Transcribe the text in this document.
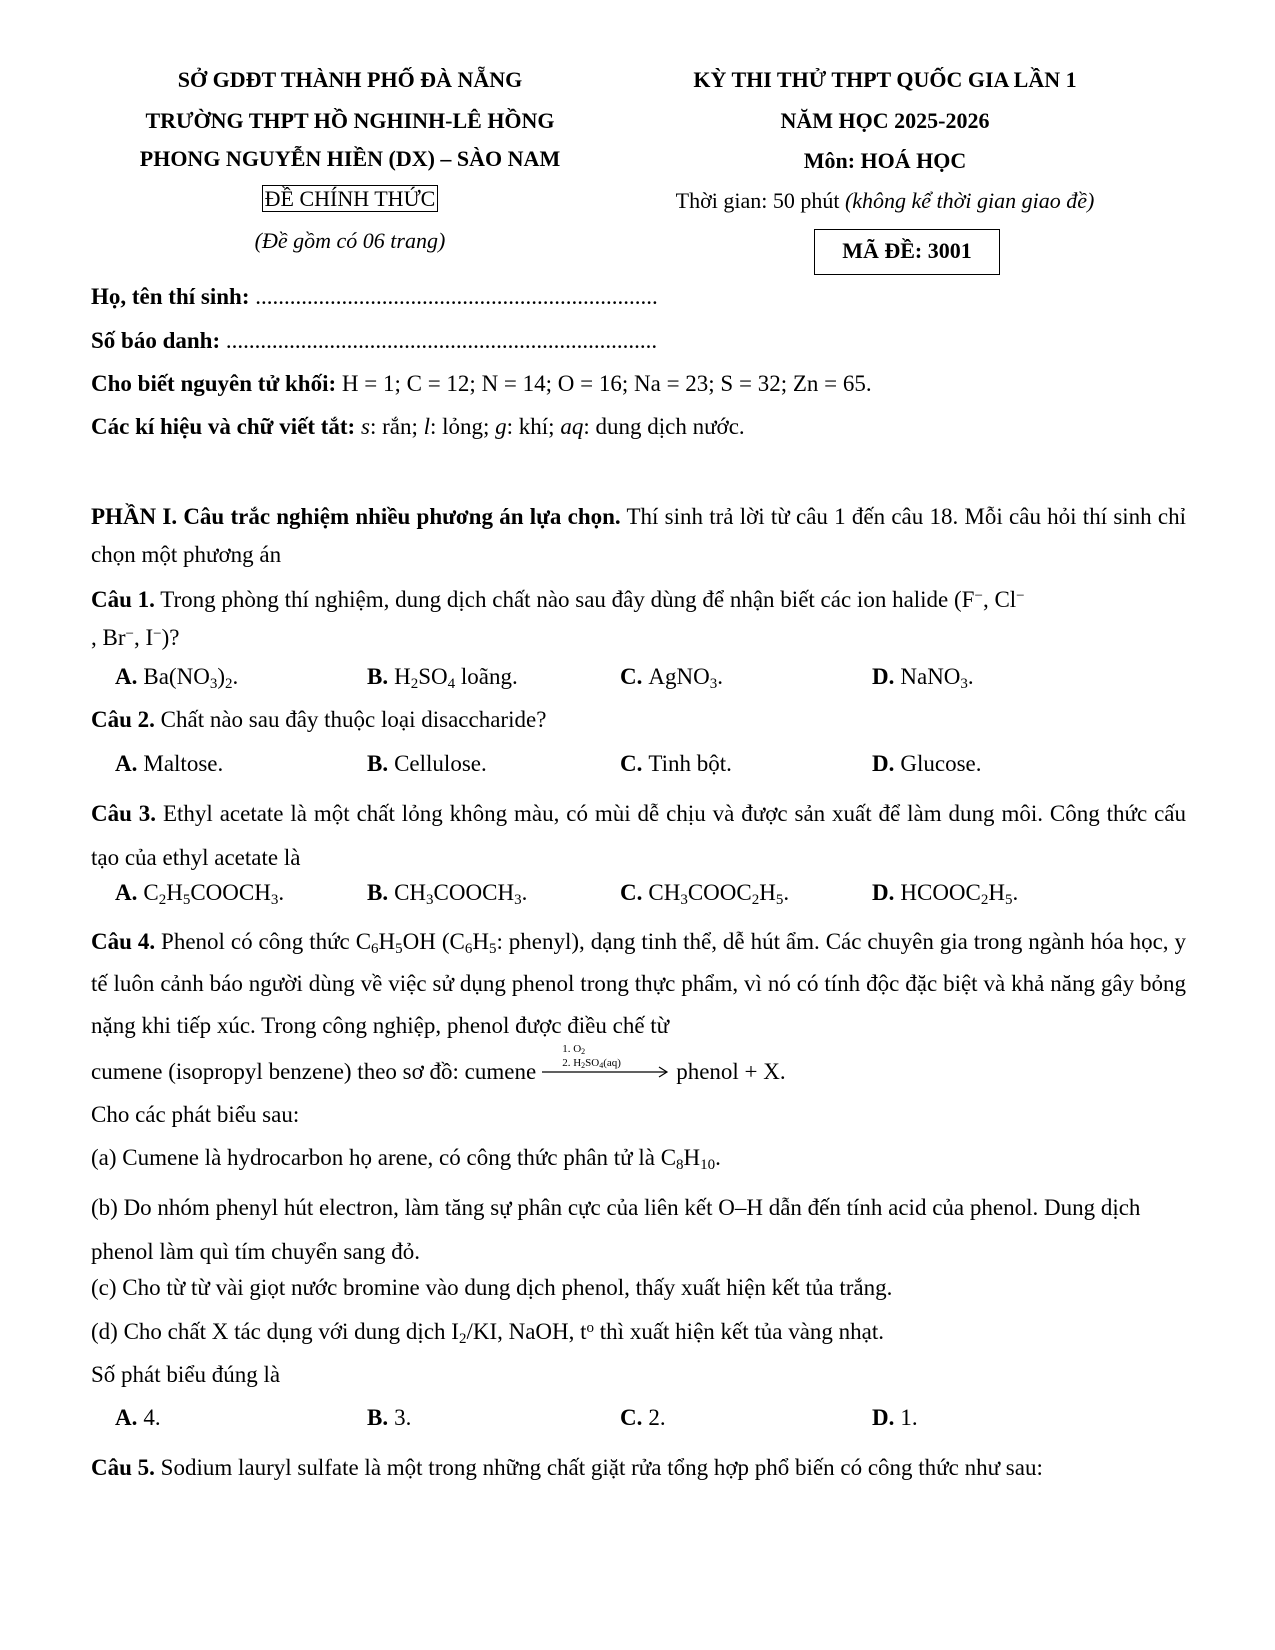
SỞ GDĐT THÀNH PHỐ ĐÀ NẴNG
TRƯỜNG THPT HỒ NGHINH-LÊ HỒNG
PHONG NGUYỄN HIỀN (DX) – SÀO NAM
ĐỀ CHÍNH THỨC
(Đề gồm có 06 trang)
KỲ THI THỬ THPT QUỐC GIA LẦN 1
NĂM HỌC 2025-2026
Môn: HOÁ HỌC
Thời gian: 50 phút (không kể thời gian giao đề)
MÃ ĐỀ: 3001
Họ, tên thí sinh: ......................................................................
Số báo danh: ...........................................................................
Cho biết nguyên tử khối: H = 1; C = 12; N = 14; O = 16; Na = 23; S = 32; Zn = 65.
Các kí hiệu và chữ viết tắt: s: rắn; l: lỏng; g: khí; aq: dung dịch nước.
PHẦN I. Câu trắc nghiệm nhiều phương án lựa chọn. Thí sinh trả lời từ câu 1 đến câu 18. Mỗi câu hỏi thí sinh chỉ chọn một phương án
Câu 1. Trong phòng thí nghiệm, dung dịch chất nào sau đây dùng để nhận biết các ion halide (F−, Cl−
, Br−, I−)?
A. $Ba(NO_3)_2$.	B. $H_2SO_4$ loãng.	C. AgNO$_3$.	D. NaNO$_3$.
Câu 2. Chất nào sau đây thuộc loại disaccharide?
A. Maltose.	B. Cellulose.	C. Tinh bột.	D. Glucose.
Câu 3. Ethyl acetate là một chất lỏng không màu, có mùi dễ chịu và được sản xuất để làm dung môi. Công thức cấu tạo của ethyl acetate là
A. $C_2H_5COOCH_3$.	B. $CH_3COOCH_3$.	C. $CH_3COOC_2H_5$.	D. $HCOOC_2H_5$.
Câu 4. Phenol có công thức $C_6H_5OH$ ($C_6H_5$: phenyl), dạng tinh thể, dễ hút ẩm. Các chuyên gia trong ngành hóa học, y tế luôn cảnh báo người dùng về việc sử dụng phenol trong thực phẩm, vì nó có tính độc đặc biệt và khả năng gây bỏng nặng khi tiếp xúc. Trong công nghiệp, phenol được điều chế từ
cumene (isopropyl benzene) theo sơ đồ: cumene
1. $O_2$
2. $H_2SO_4(aq)$ phenol + X.
Cho các phát biểu sau:
(a) Cumene là hydrocarbon họ arene, có công thức phân tử là $C_8H_{10}$.
(b) Do nhóm phenyl hút electron, làm tăng sự phân cực của liên kết O–H dẫn đến tính acid của phenol. Dung dịch phenol làm quì tím chuyển sang đỏ.
(c) Cho từ từ vài giọt nước bromine vào dung dịch phenol, thấy xuất hiện kết tủa trắng.
(d) Cho chất X tác dụng với dung dịch $I_2/KI$, NaOH, $t^o$ thì xuất hiện kết tủa vàng nhạt.
Số phát biểu đúng là
A. 4.	B. 3.	C. 2.	D. 1.
Câu 5. Sodium lauryl sulfate là một trong những chất giặt rửa tổng hợp phổ biến có công thức như sau:
